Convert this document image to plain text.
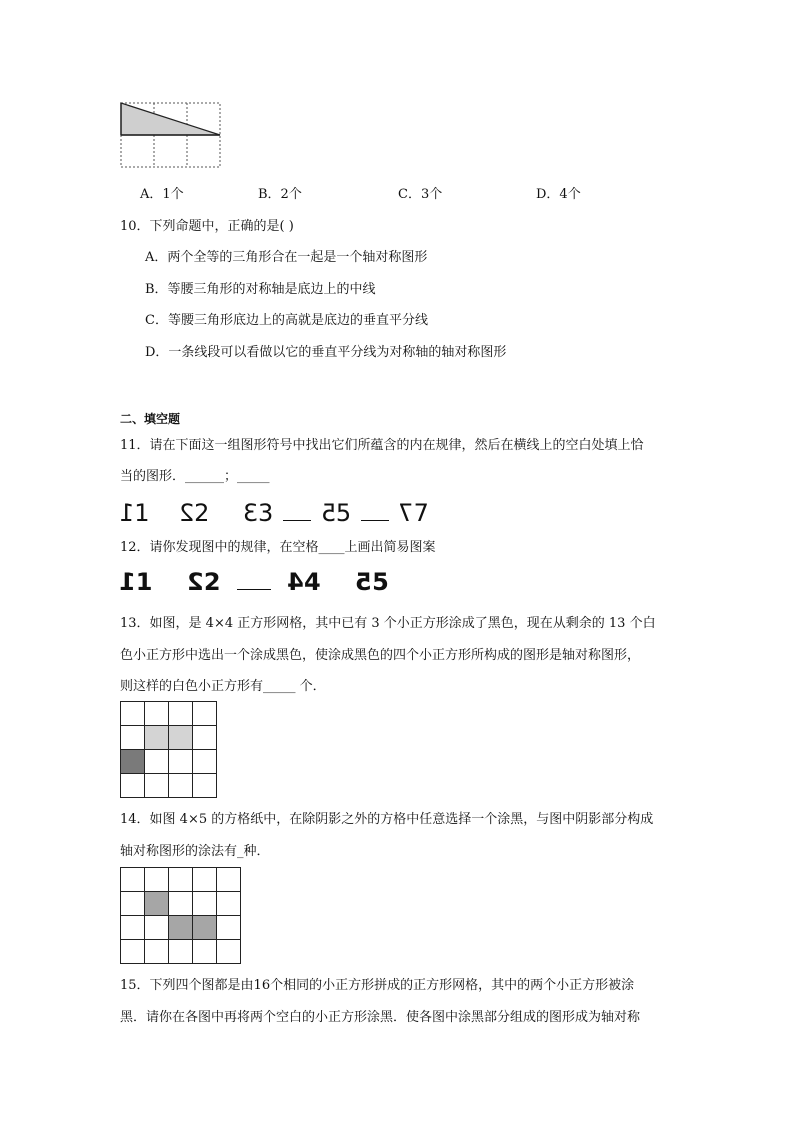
A．1个	B．2个	C．3个	D．4个
10．下列命题中，正确的是( )
A．两个全等的三角形合在一起是一个轴对称图形
B．等腰三角形的对称轴是底边上的中线
C．等腰三角形底边上的高就是底边的垂直平分线
D．一条线段可以看做以它的垂直平分线为对称轴的轴对称图形
二、填空题
11．请在下面这一组图形符号中找出它们所蕴含的内在规律，然后在横线上的空白处填上恰
当的图形．______；_____
11 22 33 55 77
12．请你发现图中的规律，在空格____上画出简易图案
11 22	44 55
13．如图，是 4×4 正方形网格，其中已有 3 个小正方形涂成了黑色，现在从剩余的 13 个白
色小正方形中选出一个涂成黑色，使涂成黑色的四个小正方形所构成的图形是轴对称图形，
则这样的白色小正方形有_____ 个．

14．如图 4×5 的方格纸中，在除阴影之外的方格中任意选择一个涂黑，与图中阴影部分构成
轴对称图形的涂法有_种．

15．下列四个图都是由16个相同的小正方形拼成的正方形网格，其中的两个小正方形被涂
黑．请你在各图中再将两个空白的小正方形涂黑．使各图中涂黑部分组成的图形成为轴对称
